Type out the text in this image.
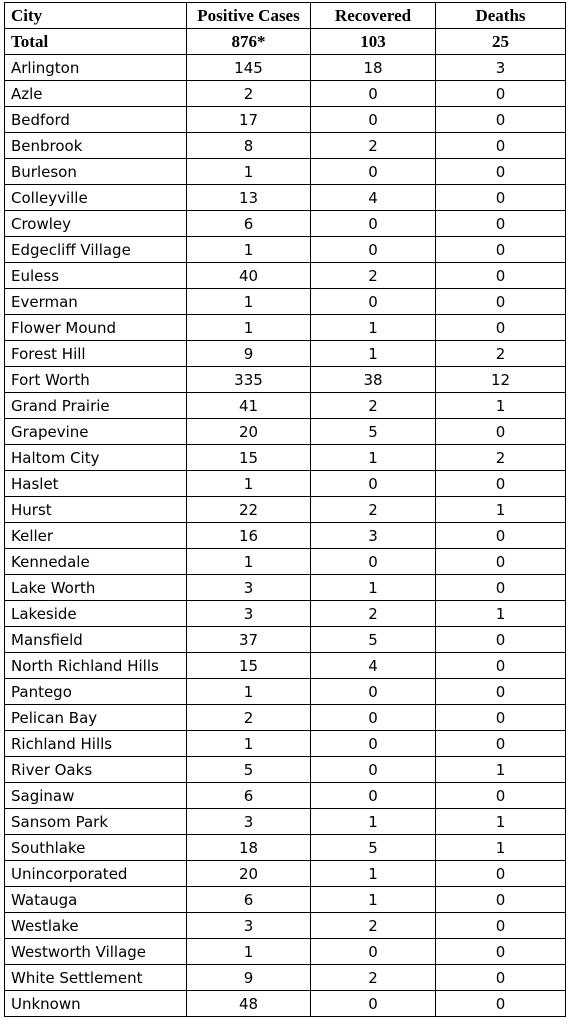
City	Positive Cases	Recovered	Deaths
Total	876*	103	25
Arlington	145	18	3
Azle	2	0	0
Bedford	17	0	0
Benbrook	8	2	0
Burleson	1	0	0
Colleyville	13	4	0
Crowley	6	0	0
Edgecliff Village	1	0	0
Euless	40	2	0
Everman	1	0	0
Flower Mound	1	1	0
Forest Hill	9	1	2
Fort Worth	335	38	12
Grand Prairie	41	2	1
Grapevine	20	5	0
Haltom City	15	1	2
Haslet	1	0	0
Hurst	22	2	1
Keller	16	3	0
Kennedale	1	0	0
Lake Worth	3	1	0
Lakeside	3	2	1
Mansfield	37	5	0
North Richland Hills	15	4	0
Pantego	1	0	0
Pelican Bay	2	0	0
Richland Hills	1	0	0
River Oaks	5	0	1
Saginaw	6	0	0
Sansom Park	3	1	1
Southlake	18	5	1
Unincorporated	20	1	0
Watauga	6	1	0
Westlake	3	2	0
Westworth Village	1	0	0
White Settlement	9	2	0
Unknown	48	0	0
